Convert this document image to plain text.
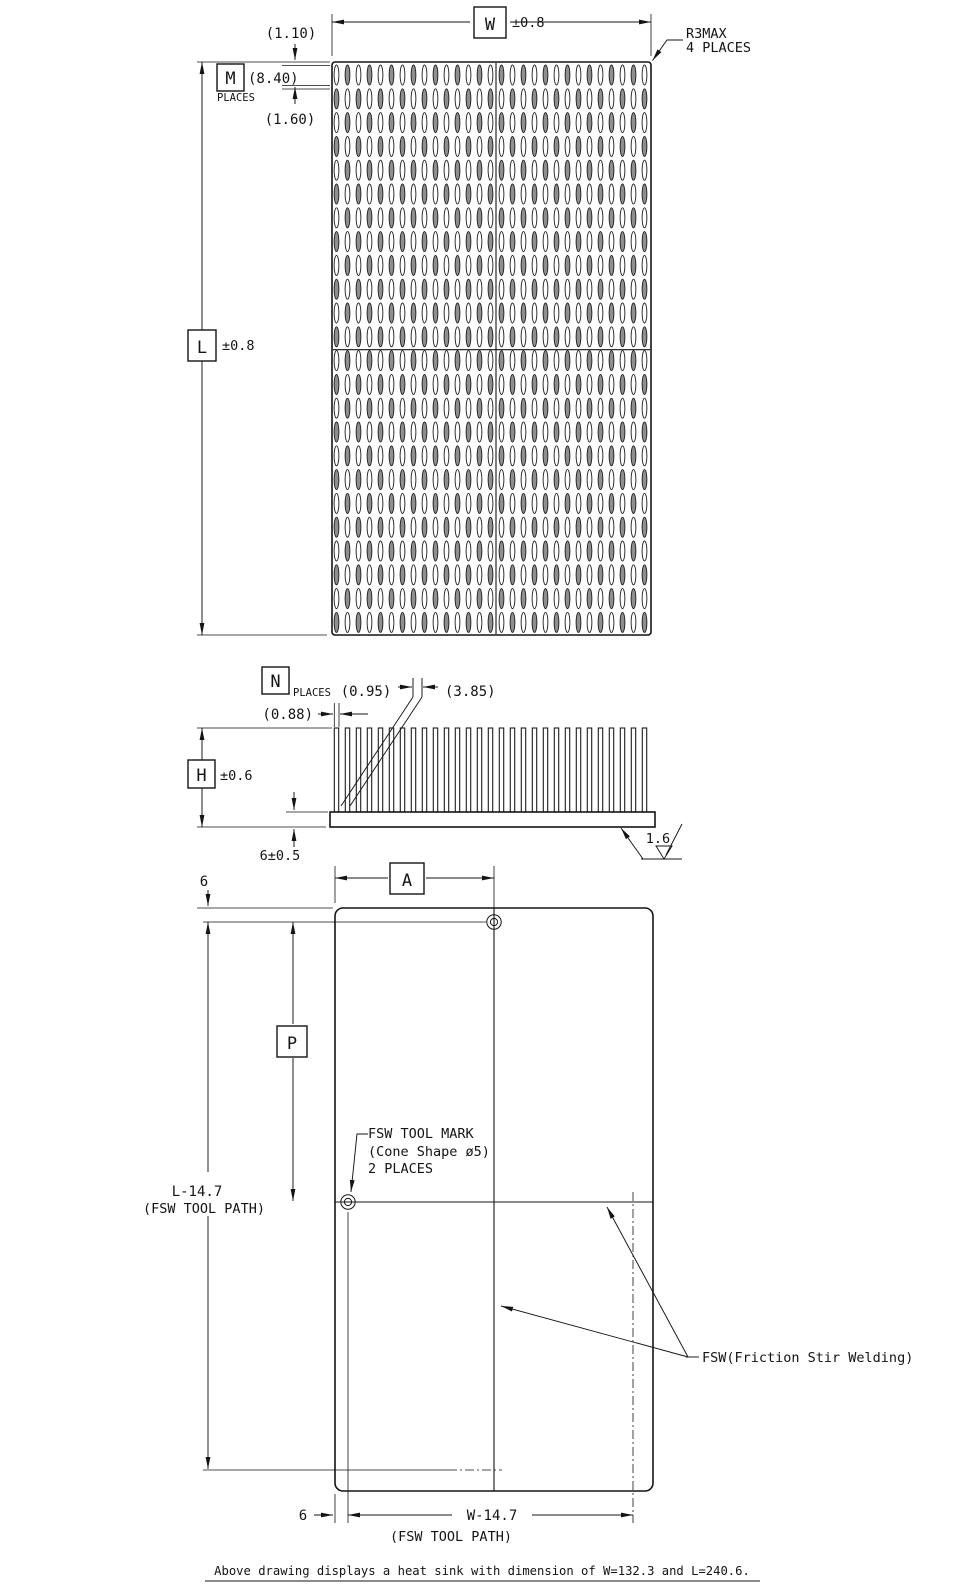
W ±0.8
L ±0.8
(1.10)
M (8.40)
PLACES
(1.60)
R3MAX
4 PLACES
H ±0.6
(0.88)
N
PLACES (0.95)	(3.85)
6±0.5
1.6
A
6
L-14.7
(FSW TOOL PATH)
P
FSW TOOL MARK
(Cone Shape ø5)
2 PLACES
FSW(Friction Stir Welding)
6	W-14.7
(FSW TOOL PATH)
Above drawing displays a heat sink with dimension of W=132.3 and L=240.6.
